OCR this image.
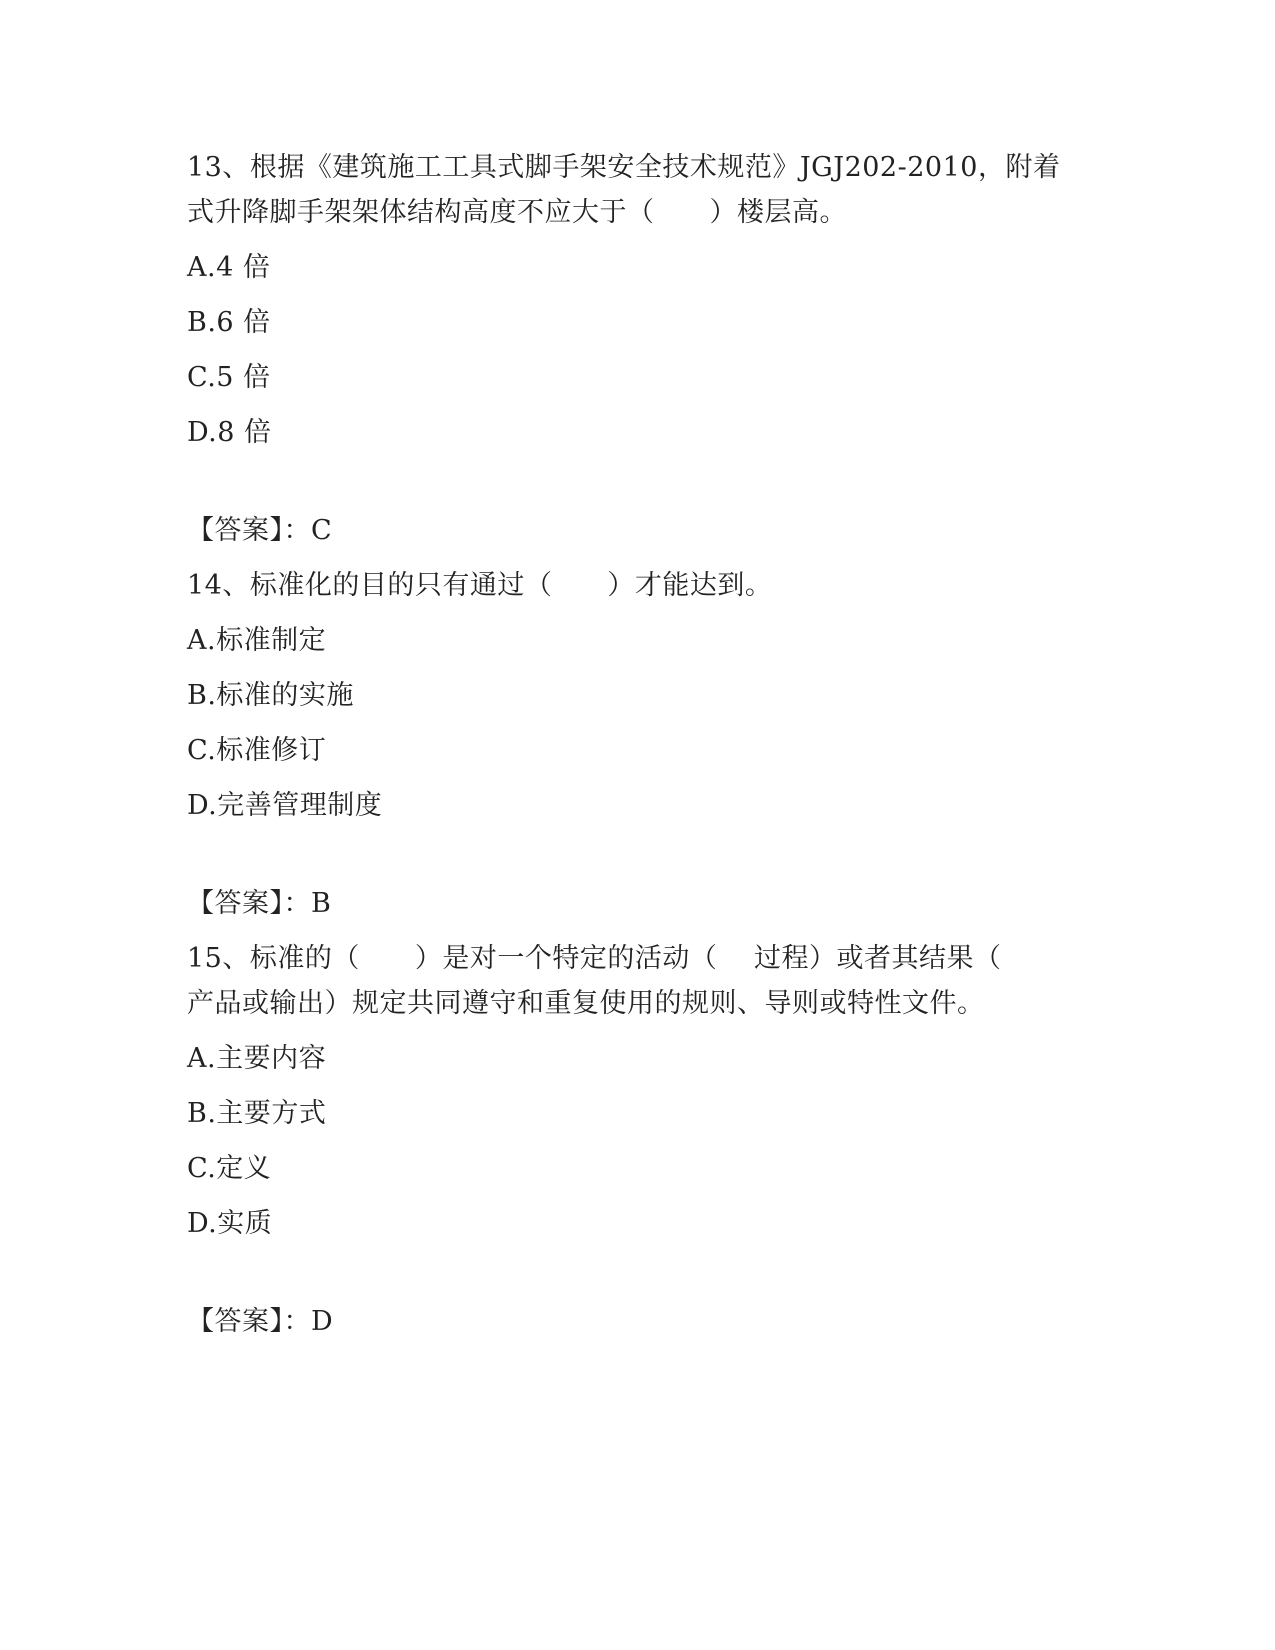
13、根据《建筑施工工具式脚手架安全技术规范》JGJ202-2010，附着
式升降脚手架架体结构高度不应大于（　　）楼层高。
A.4 倍
B.6 倍
C.5 倍
D.8 倍
【答案】：C
14、标准化的目的只有通过（　　）才能达到。
A.标准制定
B.标准的实施
C.标准修订
D.完善管理制度
【答案】：B
15、标准的（　　）是对一个特定的活动（　 过程）或者其结果（
产品或输出）规定共同遵守和重复使用的规则、导则或特性文件。
A.主要内容
B.主要方式
C.定义
D.实质
【答案】：D
